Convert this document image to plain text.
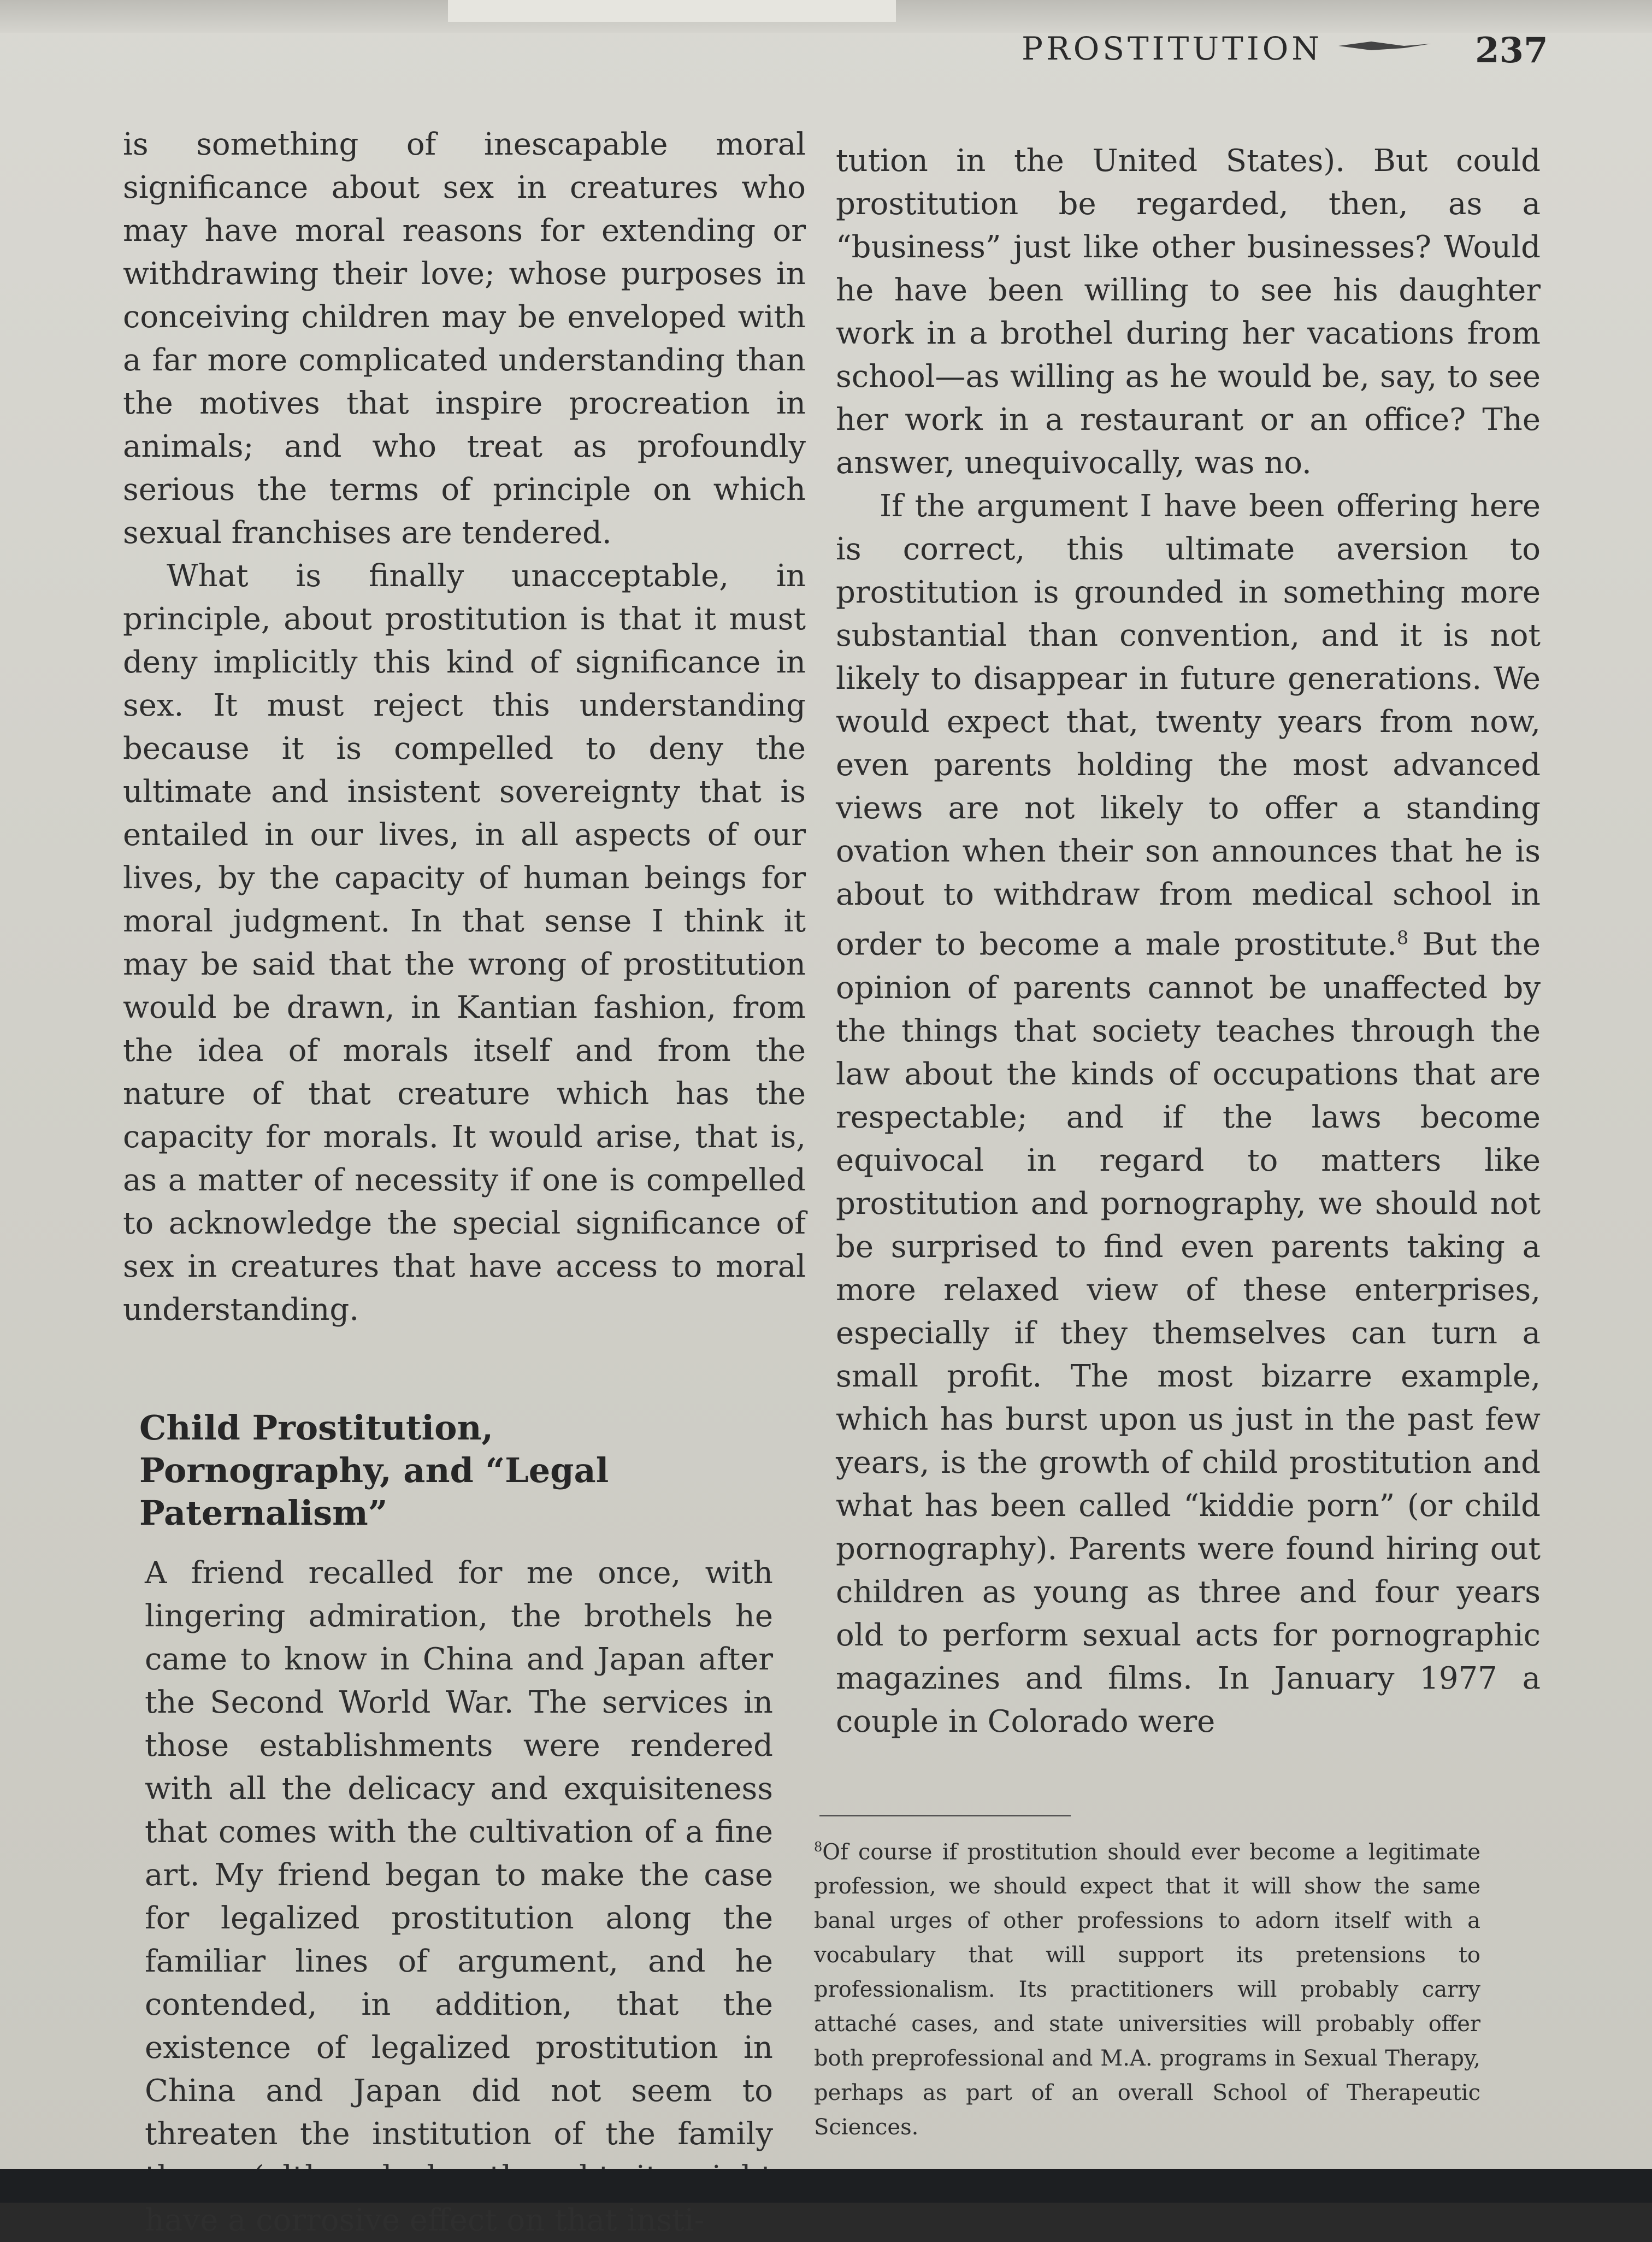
PROSTITUTION	237

is something of inescapable moral significance about sex in creatures who may have moral reasons for extending or withdrawing their love; whose purposes in conceiving children may be enveloped with a far more complicated understanding than the motives that inspire procreation in animals; and who treat as profoundly serious the terms of principle on which sexual franchises are tendered.

What is finally unacceptable, in principle, about prostitution is that it must deny implicitly this kind of significance in sex. It must reject this understanding because it is compelled to deny the ultimate and insistent sovereignty that is entailed in our lives, in all aspects of our lives, by the capacity of human beings for moral judgment. In that sense I think it may be said that the wrong of prostitution would be drawn, in Kantian fashion, from the idea of morals itself and from the nature of that creature which has the capacity for morals. It would arise, that is, as a matter of necessity if one is compelled to acknowledge the special significance of sex in creatures that have access to moral understanding.

Child Prostitution,
Pornography, and “Legal
Paternalism”

A friend recalled for me once, with lingering admiration, the brothels he came to know in China and Japan after the Second World War. The services in those establishments were rendered with all the delicacy and exquisiteness that comes with the cultivation of a fine art. My friend began to make the case for legalized prostitution along the familiar lines of argument, and he contended, in addition, that the existence of legalized prostitution in China and Japan did not seem to threaten the institution of the family have a corrosive effect on that insti-

tution in the United States). But could prostitution be regarded, then, as a “business” just like other businesses? Would he have been willing to see his daughter work in a brothel during her vacations from school—as willing as he would be, say, to see her work in a restaurant or an office? The answer, unequivocally, was no.

If the argument I have been offering here is correct, this ultimate aversion to prostitution is grounded in something more substantial than convention, and it is not likely to disappear in future generations. We would expect that, twenty years from now, even parents holding the most advanced views are not likely to offer a standing ovation when their son announces that he is about to withdraw from medical school in order to become a male prostitute.$^8$ But the opinion of parents cannot be unaffected by the things that society teaches through the law about the kinds of occupations that are respectable; and if the laws become equivocal in regard to matters like prostitution and pornography, we should not be surprised to find even parents taking a more relaxed view of these enterprises, especially if they themselves can turn a small profit. The most bizarre example, which has burst upon us just in the past few years, is the growth of child prostitution and what has been called “kiddie porn” (or child pornography). Parents were found hiring out children as young as three and four years old to perform sexual acts for pornographic magazines and films. In January 1977 a couple in Colorado were

$^8$Of course if prostitution should ever become a legitimate profession, we should expect that it will show the same banal urges of other professions to adorn itself with a vocabulary that will support its pretensions to professionalism. Its practitioners will probably carry attaché cases, and state universities will probably offer both preprofessional and M.A. programs in Sexual Therapy, perhaps as part of an overall School of Therapeutic Sciences.
